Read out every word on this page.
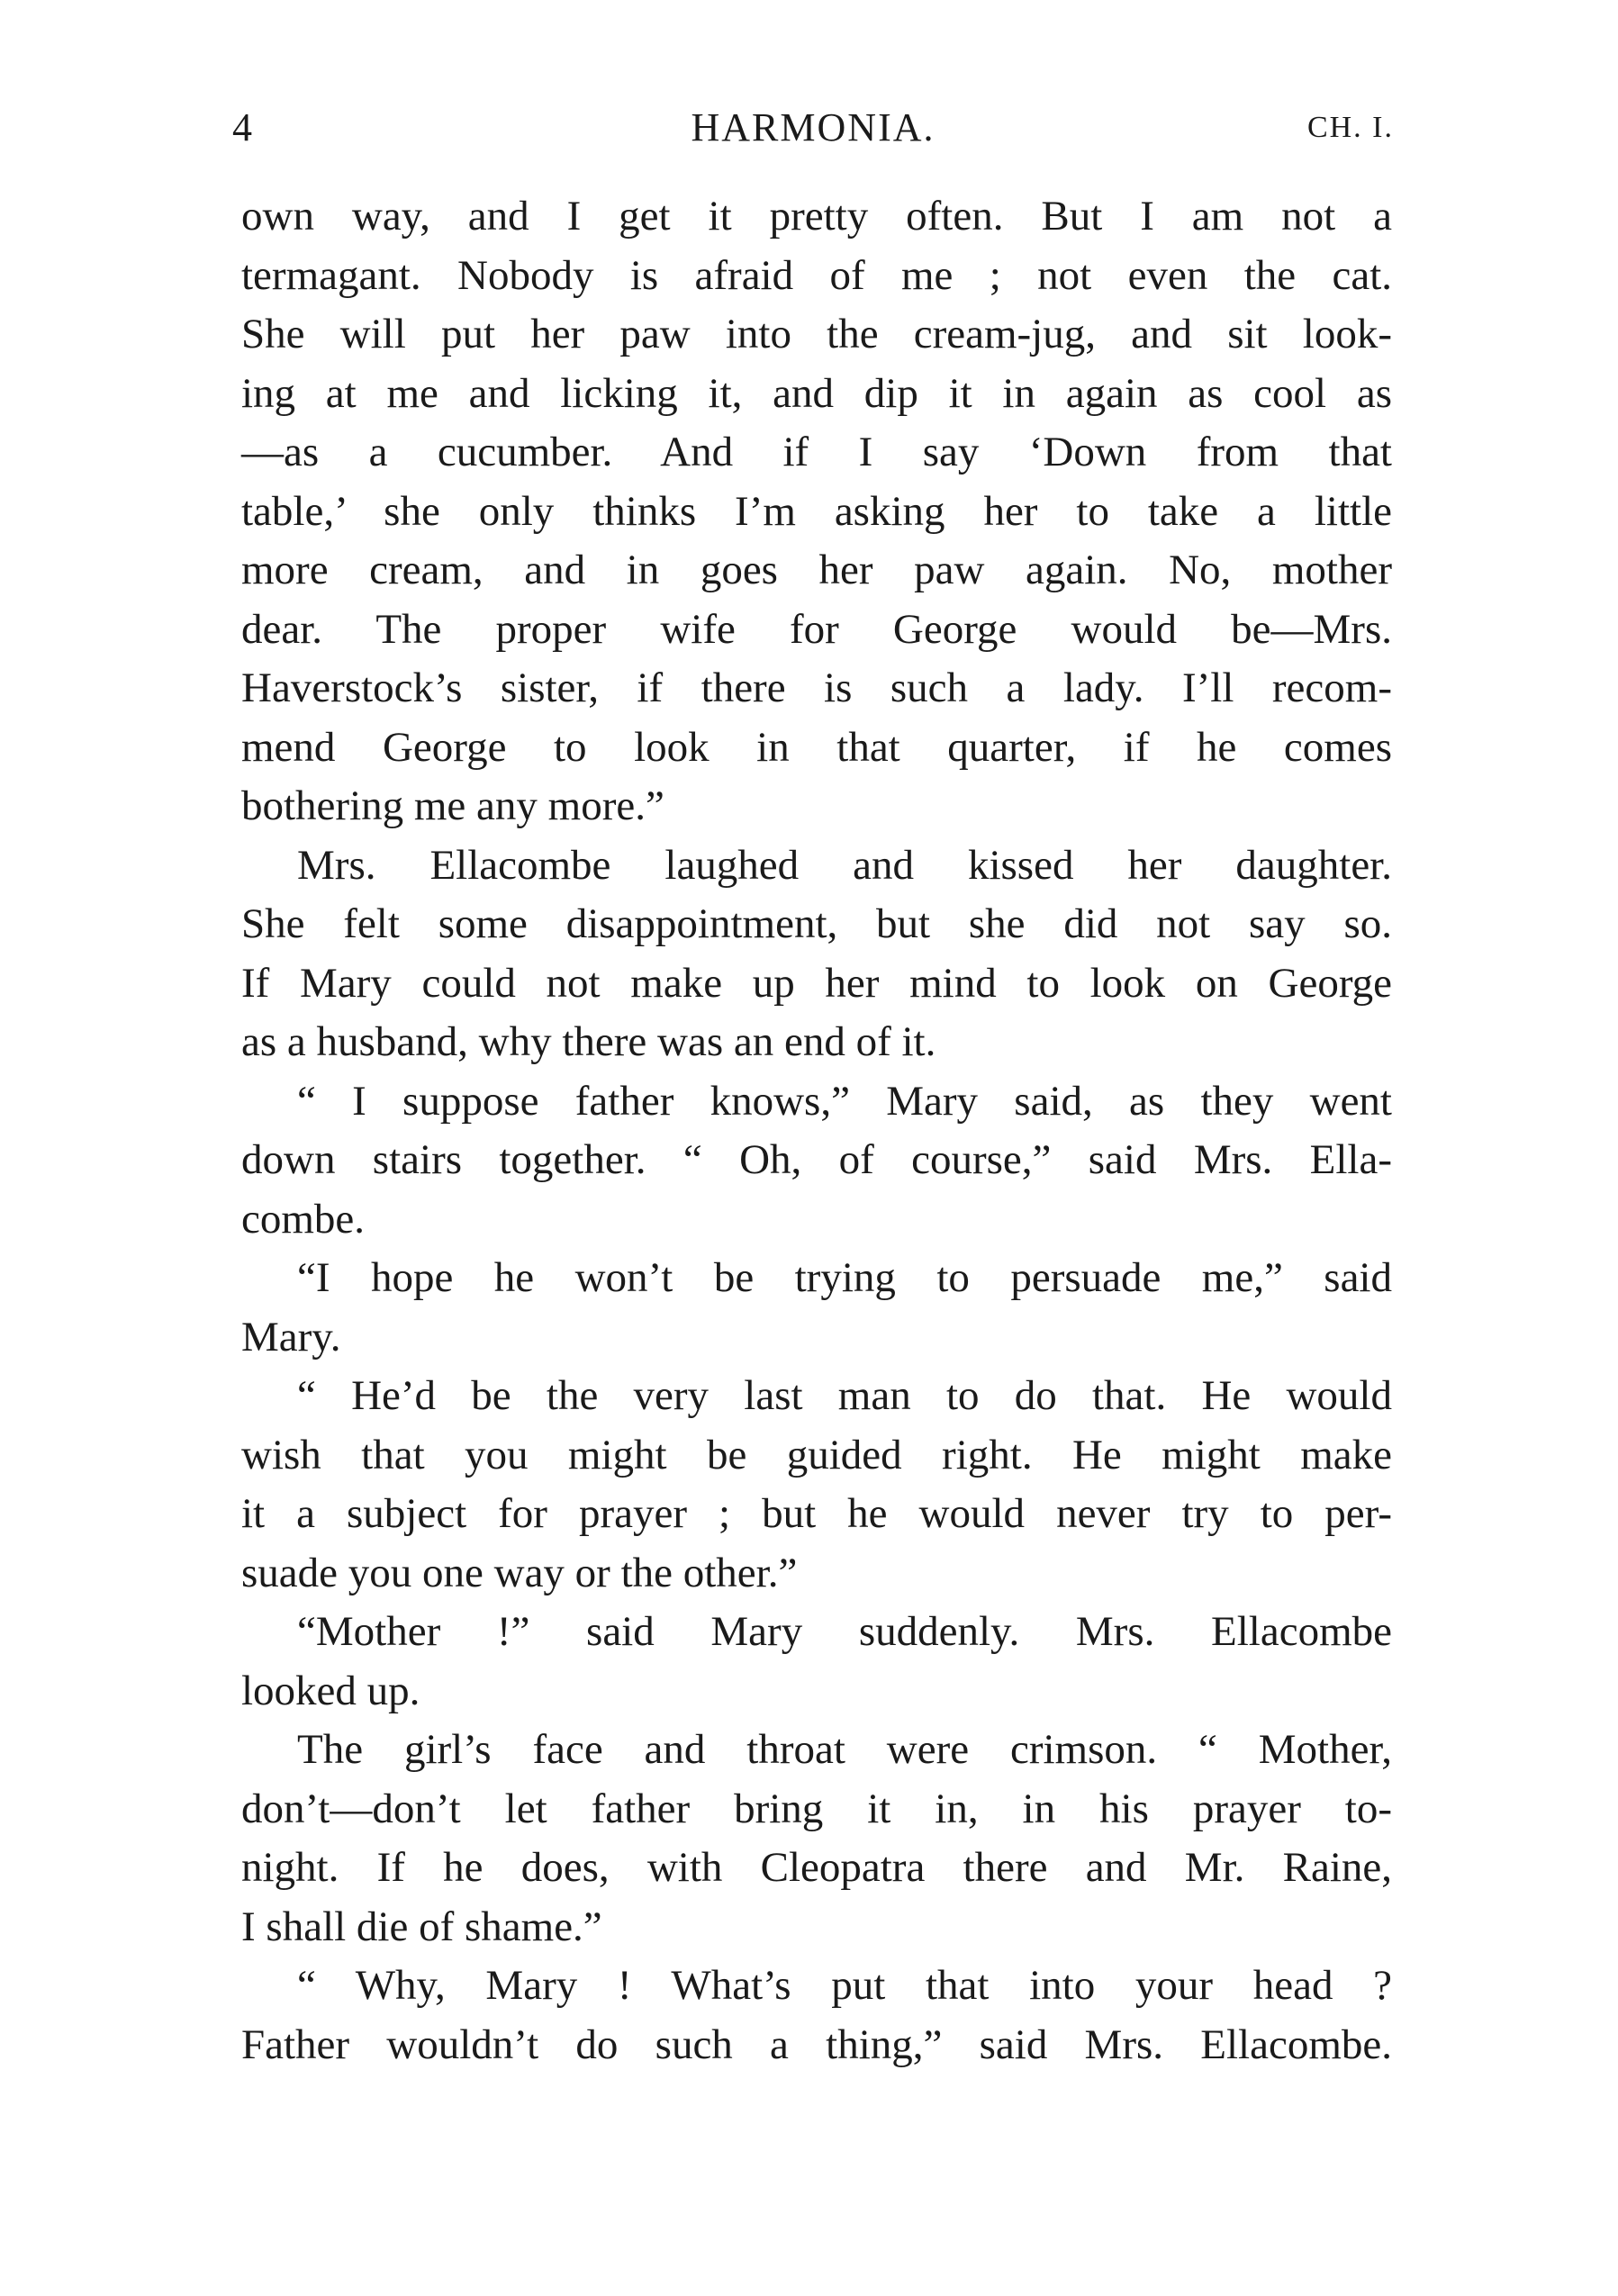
4	HARMONIA.	CH. I.
own way, and I get it pretty often. But I am not a
termagant. Nobody is afraid of me ; not even the cat.
She will put her paw into the cream-jug, and sit look-
ing at me and licking it, and dip it in again as cool as
—as a cucumber. And if I say ‘Down from that
table,’ she only thinks I’m asking her to take a little
more cream, and in goes her paw again. No, mother
dear. The proper wife for George would be—Mrs.
Haverstock’s sister, if there is such a lady. I’ll recom-
mend George to look in that quarter, if he comes
bothering me any more.”
Mrs. Ellacombe laughed and kissed her daughter.
She felt some disappointment, but she did not say so.
If Mary could not make up her mind to look on George
as a husband, why there was an end of it.
“ I suppose father knows,” Mary said, as they went
down stairs together. “ Oh, of course,” said Mrs. Ella-
combe.
“I hope he won’t be trying to persuade me,” said
Mary.
“ He’d be the very last man to do that. He would
wish that you might be guided right. He might make
it a subject for prayer ; but he would never try to per-
suade you one way or the other.”
“Mother !” said Mary suddenly. Mrs. Ellacombe
looked up.
The girl’s face and throat were crimson. “ Mother,
don’t—don’t let father bring it in, in his prayer to-
night. If he does, with Cleopatra there and Mr. Raine,
I shall die of shame.”
“ Why, Mary ! What’s put that into your head ?
Father wouldn’t do such a thing,” said Mrs. Ellacombe.
